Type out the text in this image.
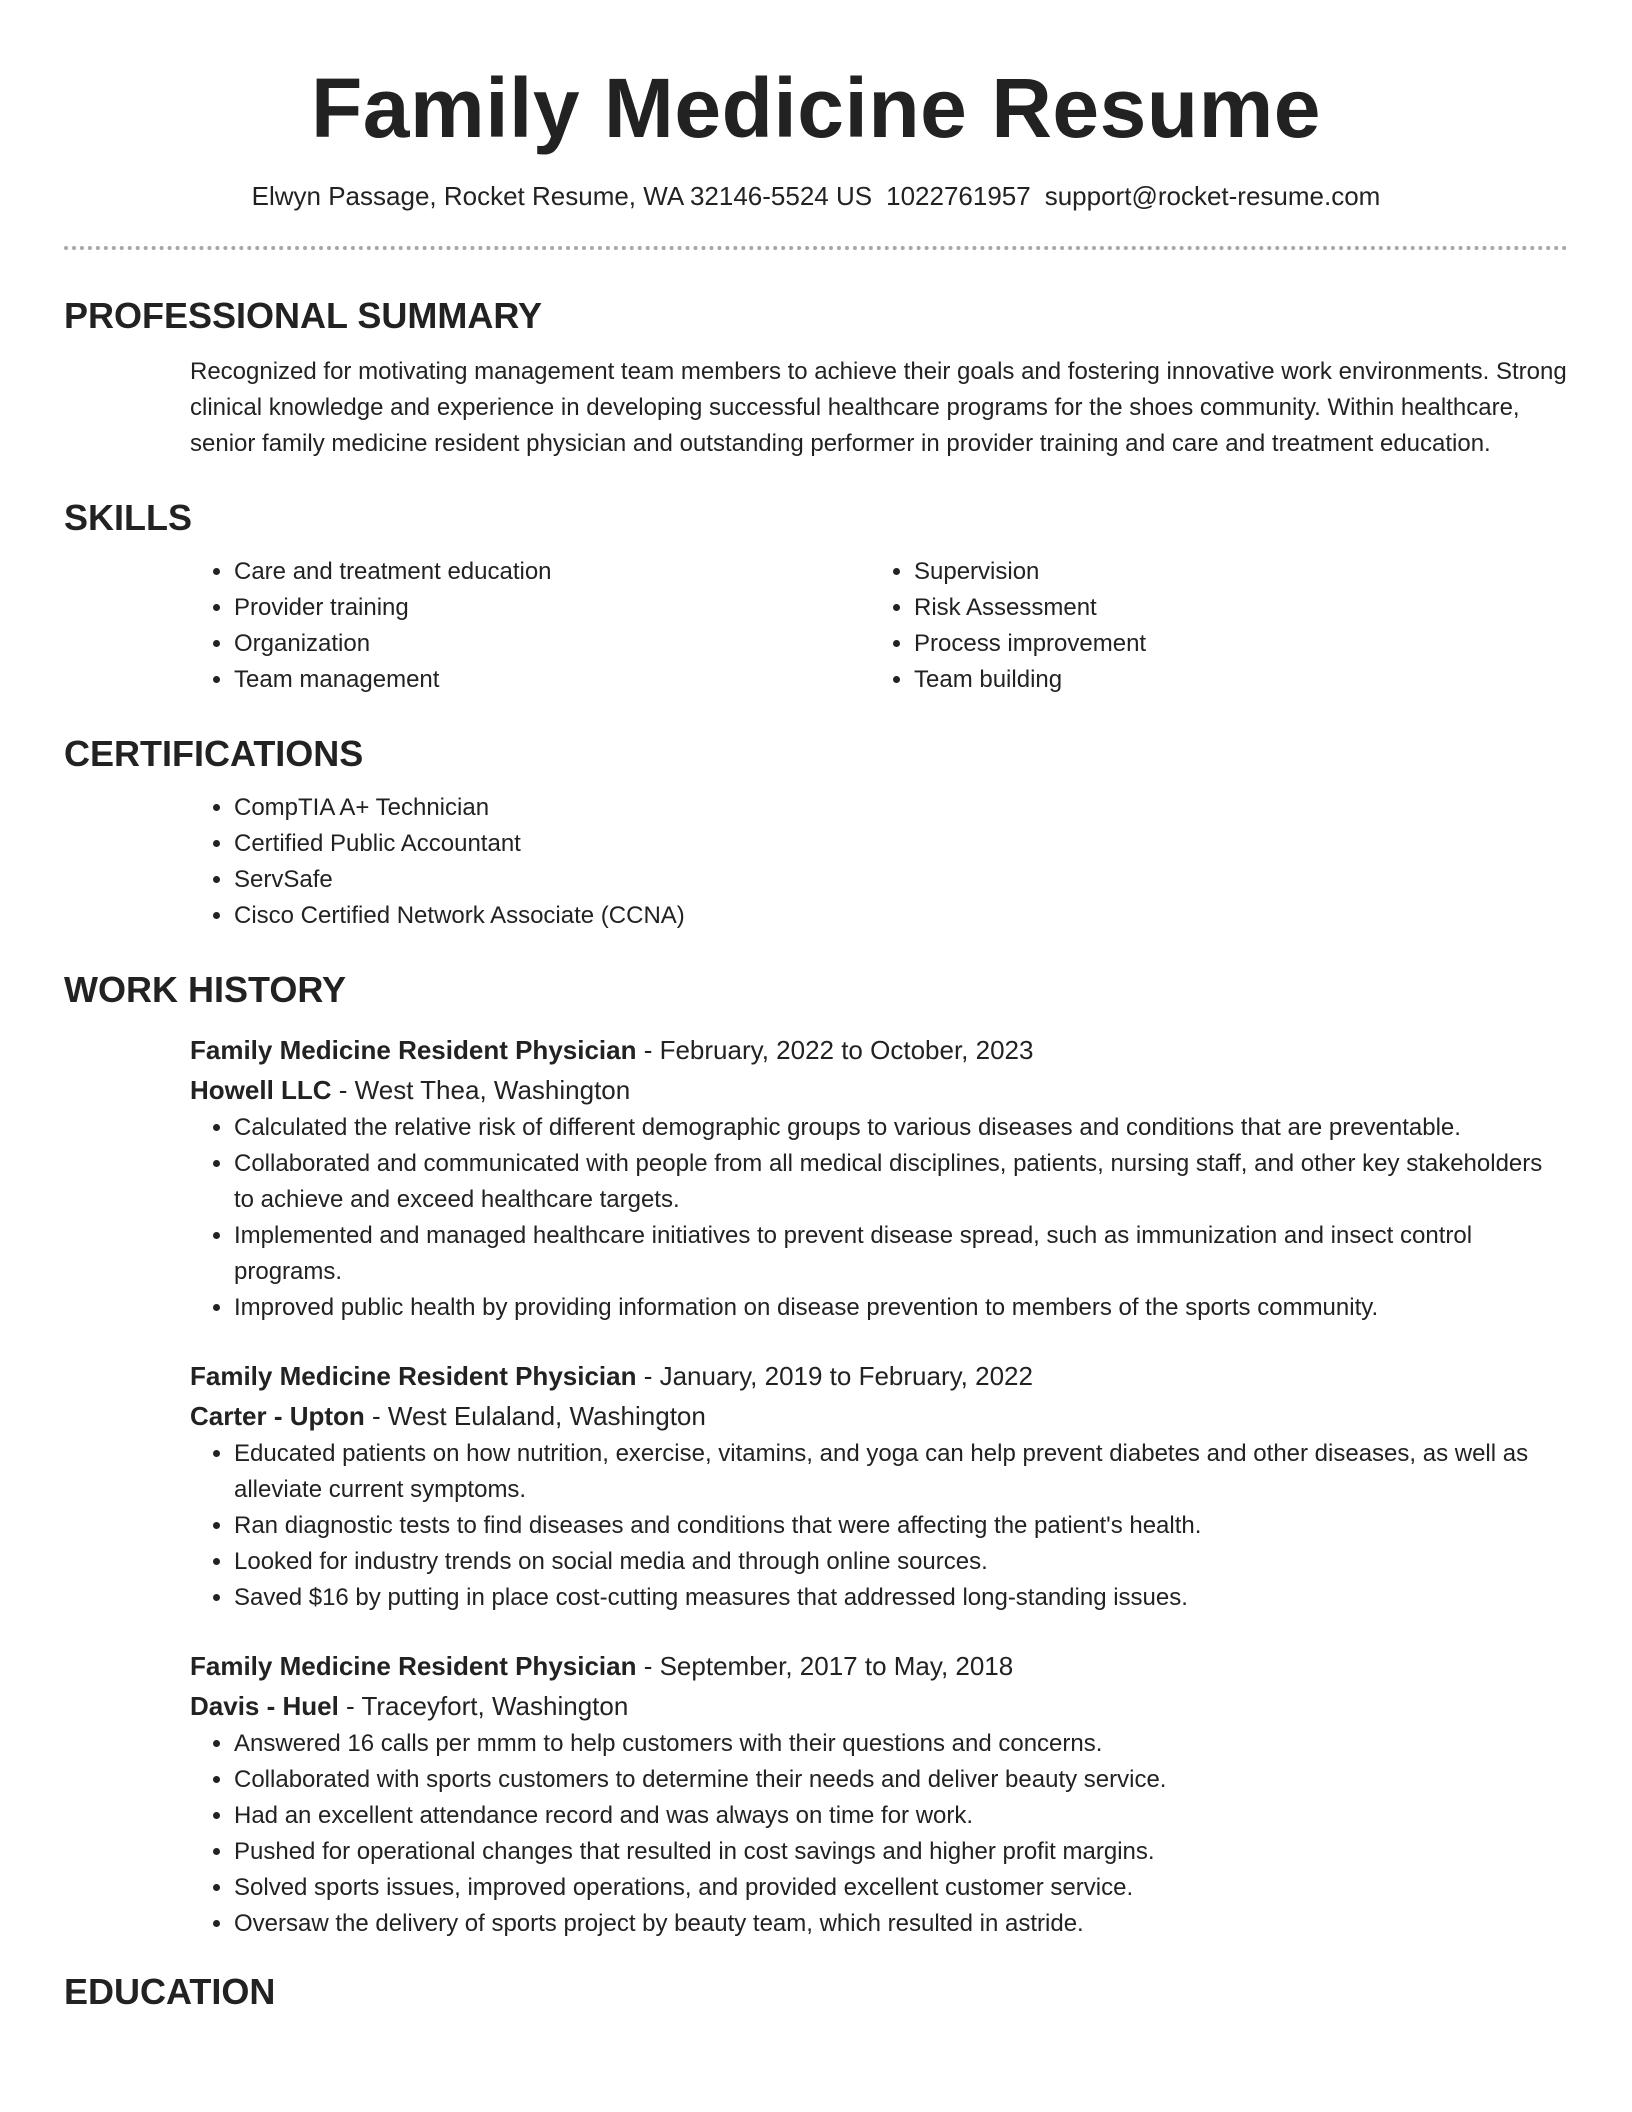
Family Medicine Resume
Elwyn Passage, Rocket Resume, WA 32146-5524 US 1022761957 support@rocket-resume.com
PROFESSIONAL SUMMARY
Recognized for motivating management team members to achieve their goals and fostering innovative work environments. Strong clinical knowledge and experience in developing successful healthcare programs for the shoes community. Within healthcare, senior family medicine resident physician and outstanding performer in provider training and care and treatment education.
SKILLS
• Care and treatment education
• Provider training
• Organization
• Team management
• Supervision
• Risk Assessment
• Process improvement
• Team building
CERTIFICATIONS
• CompTIA A+ Technician
• Certified Public Accountant
• ServSafe
• Cisco Certified Network Associate (CCNA)
WORK HISTORY
Family Medicine Resident Physician - February, 2022 to October, 2023
Howell LLC - West Thea, Washington
• Calculated the relative risk of different demographic groups to various diseases and conditions that are preventable.
• Collaborated and communicated with people from all medical disciplines, patients, nursing staff, and other key stakeholders to achieve and exceed healthcare targets.
• Implemented and managed healthcare initiatives to prevent disease spread, such as immunization and insect control programs.
• Improved public health by providing information on disease prevention to members of the sports community.
Family Medicine Resident Physician - January, 2019 to February, 2022
Carter - Upton - West Eulaland, Washington
• Educated patients on how nutrition, exercise, vitamins, and yoga can help prevent diabetes and other diseases, as well as alleviate current symptoms.
• Ran diagnostic tests to find diseases and conditions that were affecting the patient's health.
• Looked for industry trends on social media and through online sources.
• Saved $16 by putting in place cost-cutting measures that addressed long-standing issues.
Family Medicine Resident Physician - September, 2017 to May, 2018
Davis - Huel - Traceyfort, Washington
• Answered 16 calls per mmm to help customers with their questions and concerns.
• Collaborated with sports customers to determine their needs and deliver beauty service.
• Had an excellent attendance record and was always on time for work.
• Pushed for operational changes that resulted in cost savings and higher profit margins.
• Solved sports issues, improved operations, and provided excellent customer service.
• Oversaw the delivery of sports project by beauty team, which resulted in astride.
EDUCATION
